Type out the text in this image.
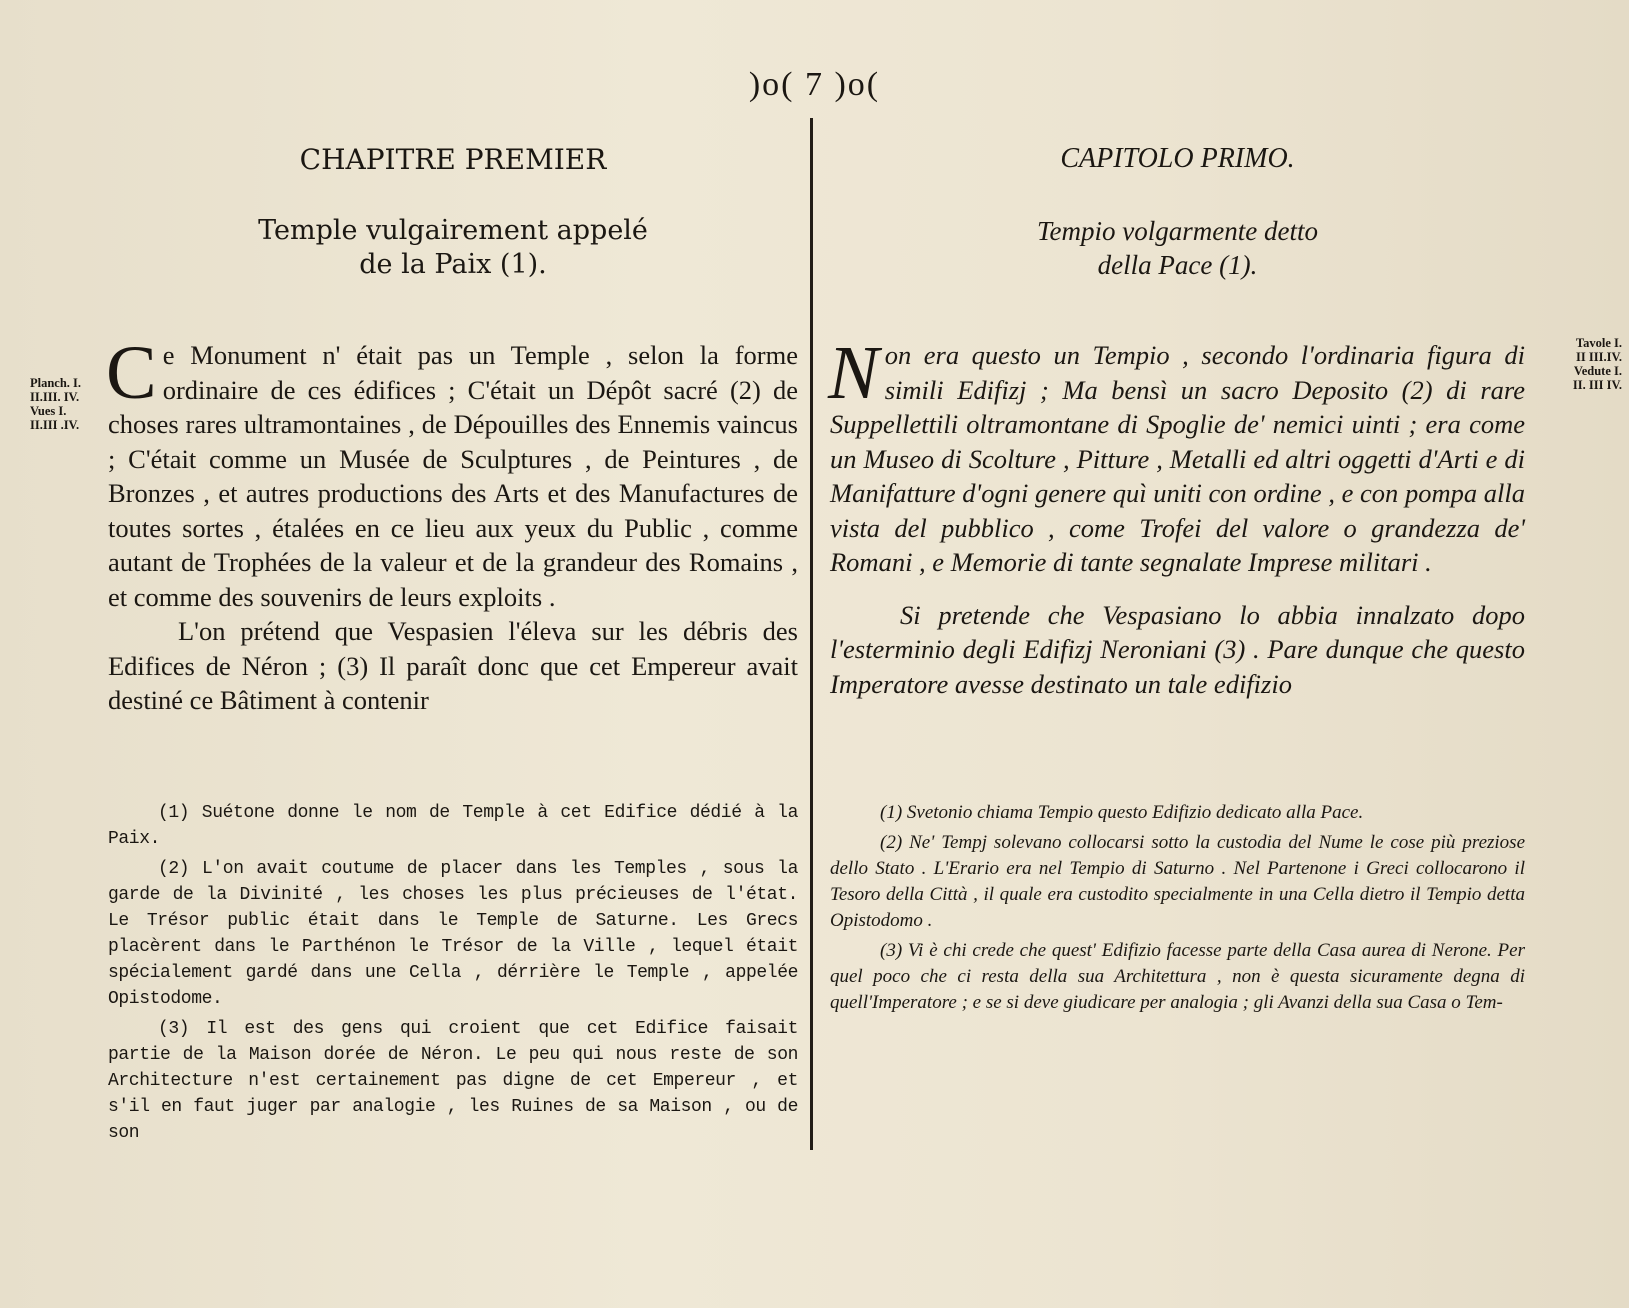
)o( 7 )o(
CHAPITRE PREMIER
Temple vulgairement appelé
de la Paix (1).
Planch. I.
II.III. IV.
Vues I.
II.III .IV.

Ce Monument n' était pas un Temple , selon la forme ordinaire de ces édifices ; C'était un Dépôt sacré (2) de choses rares ultramontaines , de Dépouilles des Ennemis vaincus ; C'était comme un Musée de Sculptures , de Peintures , de Bronzes , et autres productions des Arts et des Manufactures de toutes sortes , étalées en ce lieu aux yeux du Public , comme autant de Trophées de la valeur et de la grandeur des Romains , et comme des souvenirs de leurs exploits .

L'on prétend que Vespasien l'éleva sur les débris des Edifices de Néron ; (3) Il paraît donc que cet Empereur avait destiné ce Bâtiment à contenir

(1) Suétone donne le nom de Temple à cet Edifice dédié à la Paix.

(2) L'on avait coutume de placer dans les Temples , sous la garde de la Divinité , les choses les plus précieuses de l'état. Le Trésor public était dans le Temple de Saturne. Les Grecs placèrent dans le Parthénon le Trésor de la Ville , lequel était spécialement gardé dans une Cella , dérrière le Temple , appelée Opistodome.

(3) Il est des gens qui croient que cet Edifice faisait partie de la Maison dorée de Néron. Le peu qui nous reste de son Architecture n'est certainement pas digne de cet Empereur , et s'il en faut juger par analogie , les Ruines de sa Maison , ou de son

CAPITOLO PRIMO.
Tempio volgarmente detto
della Pace (1).
Tavole I.
II III.IV.
Vedute I.
II. III IV.

Non era questo un Tempio , secondo l'ordinaria figura di simili Edifizj ; Ma bensì un sacro Deposito (2) di rare Suppellettili oltramontane di Spoglie de' nemici uinti ; era come un Museo di Scolture , Pitture , Metalli ed altri oggetti d'Arti e di Manifatture d'ogni genere quì uniti con ordine , e con pompa alla vista del pubblico , come Trofei del valore o grandezza de' Romani , e Memorie di tante segnalate Imprese militari .

Si pretende che Vespasiano lo abbia innalzato dopo l'esterminio degli Edifizj Neroniani (3) . Pare dunque che questo Imperatore avesse destinato un tale edifizio

(1) Svetonio chiama Tempio questo Edifizio dedicato alla Pace.

(2) Ne' Tempj solevano collocarsi sotto la custodia del Nume le cose più preziose dello Stato . L'Erario era nel Tempio di Saturno . Nel Partenone i Greci collocarono il Tesoro della Città , il quale era custodito specialmente in una Cella dietro il Tempio detta Opistodomo .

(3) Vi è chi crede che quest' Edifizio facesse parte della Casa aurea di Nerone. Per quel poco che ci resta della sua Architettura , non è questa sicuramente degna di quell'Imperatore ; e se si deve giudicare per analogia ; gli Avanzi della sua Casa o Tem-
